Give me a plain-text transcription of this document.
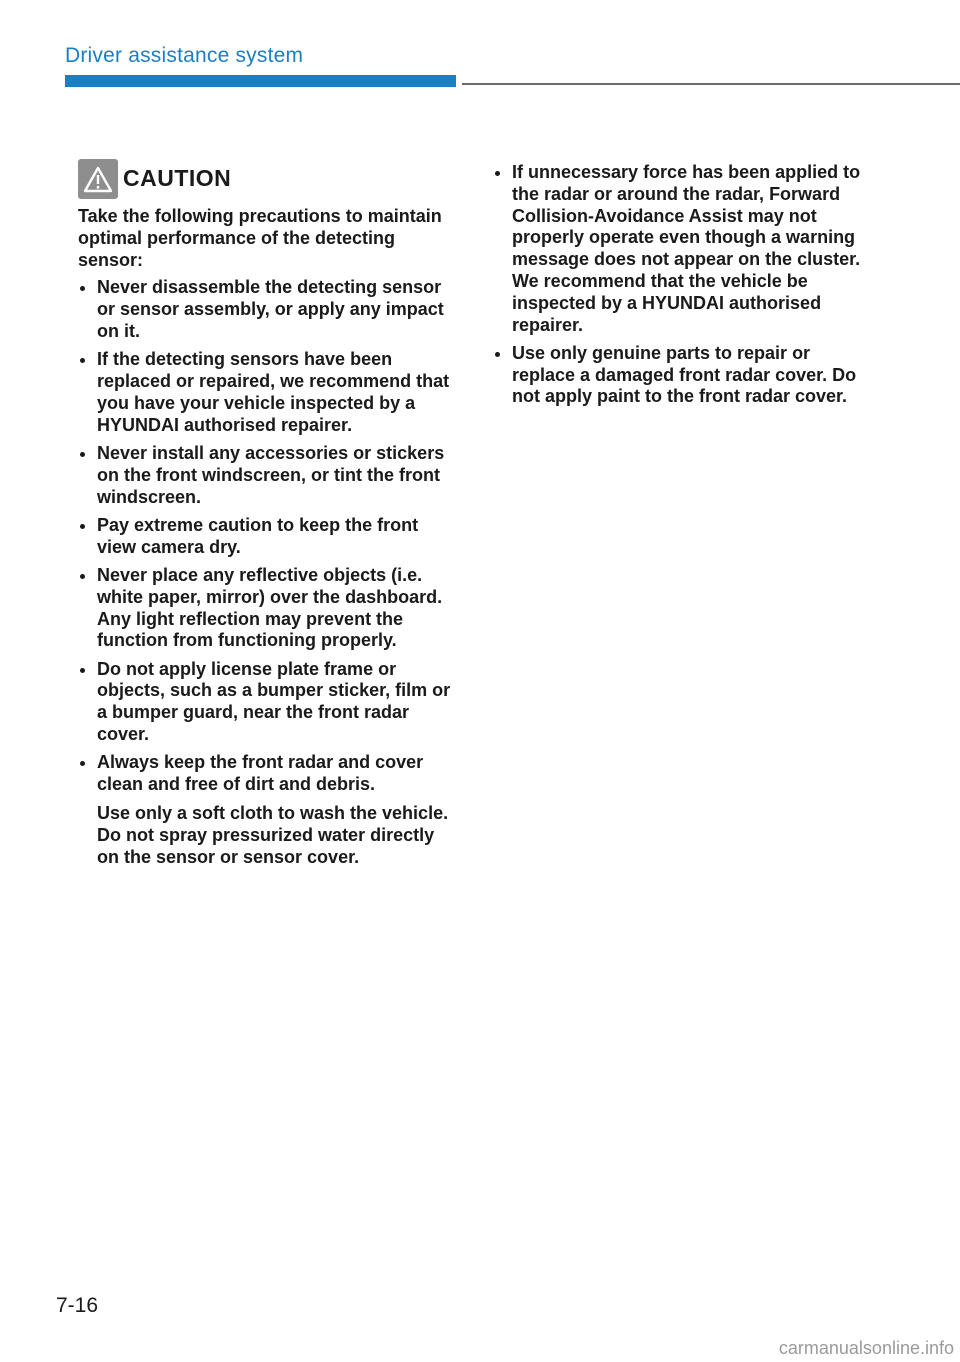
Driver assistance system
CAUTION

Take the following precautions to maintain optimal performance of the detecting sensor:

Never disassemble the detecting sensor or sensor assembly, or apply any impact on it.
If the detecting sensors have been replaced or repaired, we recommend that you have your vehicle inspected by a HYUNDAI authorised repairer.
Never install any accessories or stickers on the front windscreen, or tint the front windscreen.
Pay extreme caution to keep the front view camera dry.
Never place any reflective objects (i.e. white paper, mirror) over the dashboard. Any light reflection may prevent the function from functioning properly.
Do not apply license plate frame or objects, such as a bumper sticker, film or a bumper guard, near the front radar cover.
Always keep the front radar and cover clean and free of dirt and debris.

Use only a soft cloth to wash the vehicle. Do not spray pressurized water directly on the sensor or sensor cover.

If unnecessary force has been applied to the radar or around the radar, Forward Collision-Avoidance Assist may not properly operate even though a warning message does not appear on the cluster. We recommend that the vehicle be inspected by a HYUNDAI authorised repairer.
Use only genuine parts to repair or replace a damaged front radar cover. Do not apply paint to the front radar cover.
7-16
carmanualsonline.info
